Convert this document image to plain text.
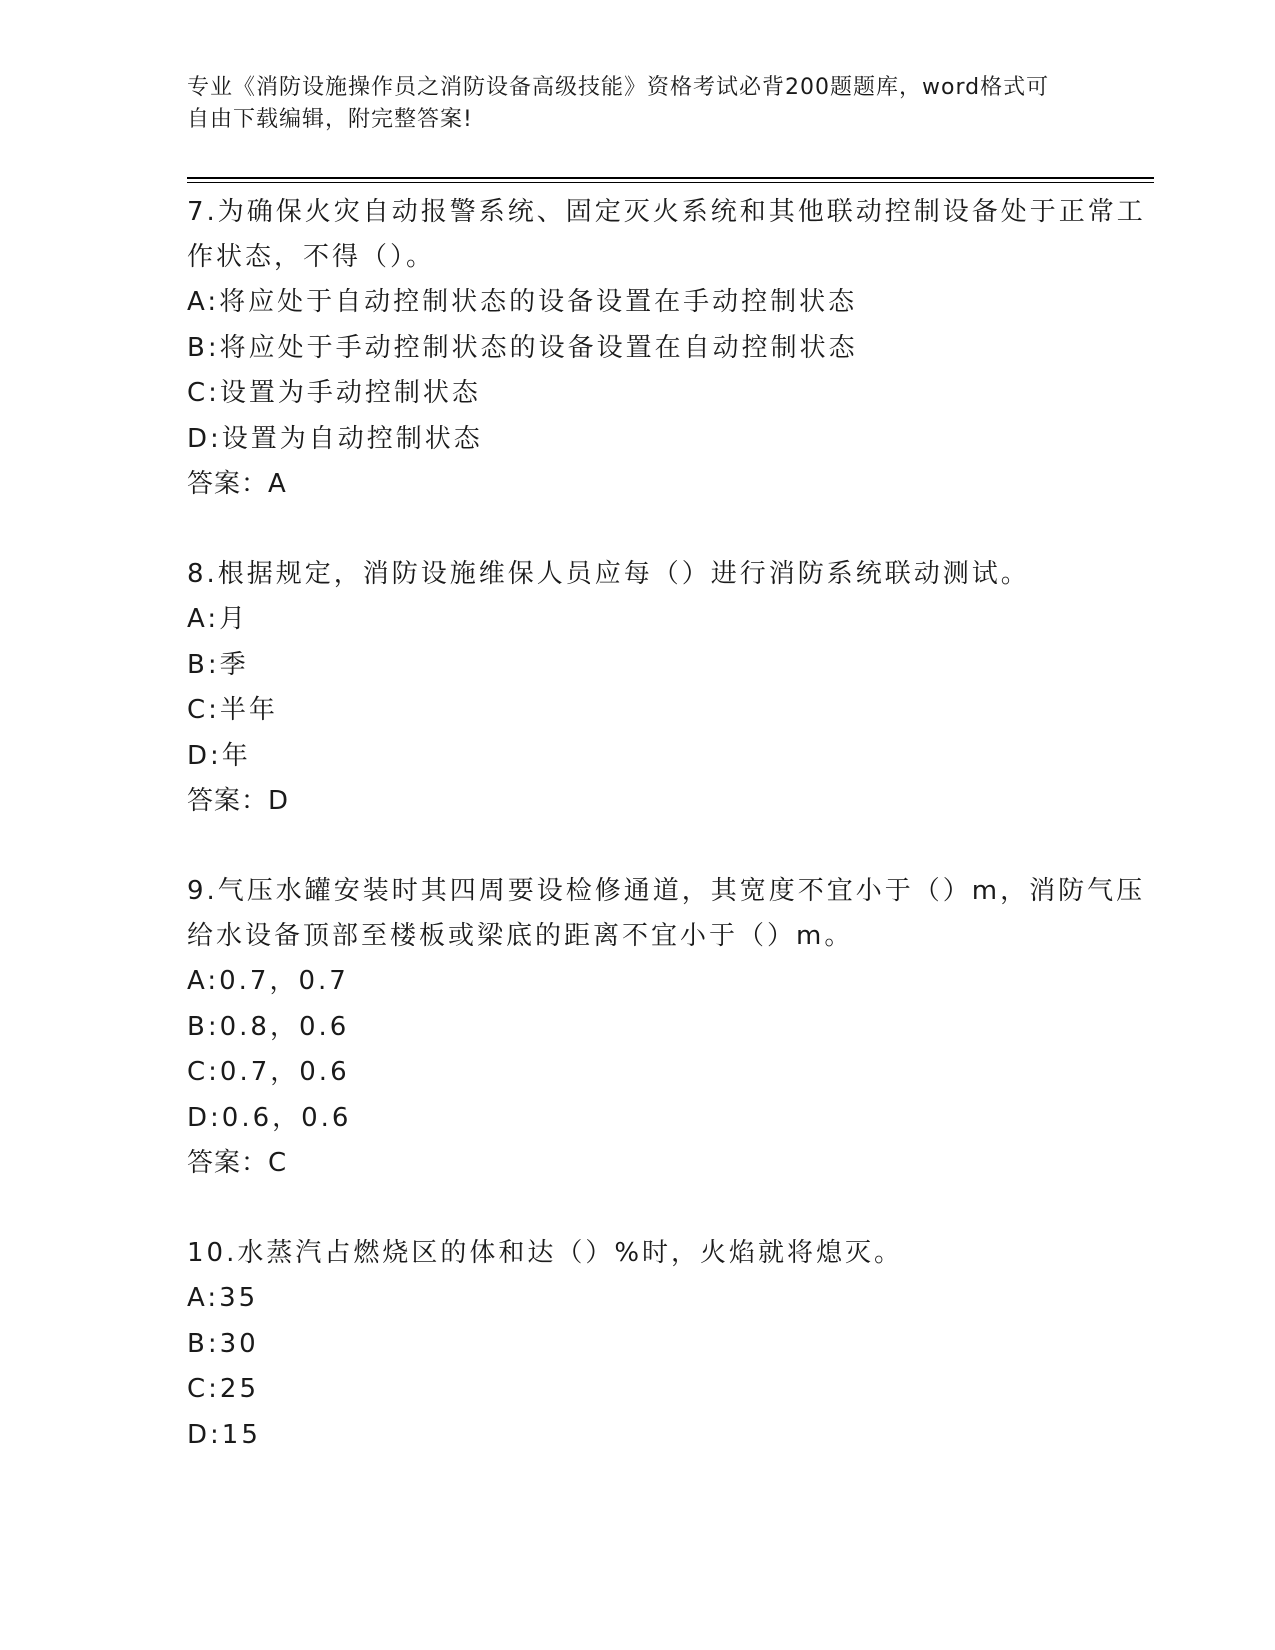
专业《消防设施操作员之消防设备高级技能》资格考试必背200题题库，word格式可自由下载编辑，附完整答案!
7.为确保火灾自动报警系统、固定灭火系统和其他联动控制设备处于正常工作状态，不得（）。
A:将应处于自动控制状态的设备设置在手动控制状态
B:将应处于手动控制状态的设备设置在自动控制状态
C:设置为手动控制状态
D:设置为自动控制状态
答案：A
8.根据规定，消防设施维保人员应每（）进行消防系统联动测试。
A:月
B:季
C:半年
D:年
答案：D
9.气压水罐安装时其四周要设检修通道，其宽度不宜小于（）m，消防气压给水设备顶部至楼板或梁底的距离不宜小于（）m。
A:0.7，0.7
B:0.8，0.6
C:0.7，0.6
D:0.6，0.6
答案：C
10.水蒸汽占燃烧区的体和达（）%时，火焰就将熄灭。
A:35
B:30
C:25
D:15
